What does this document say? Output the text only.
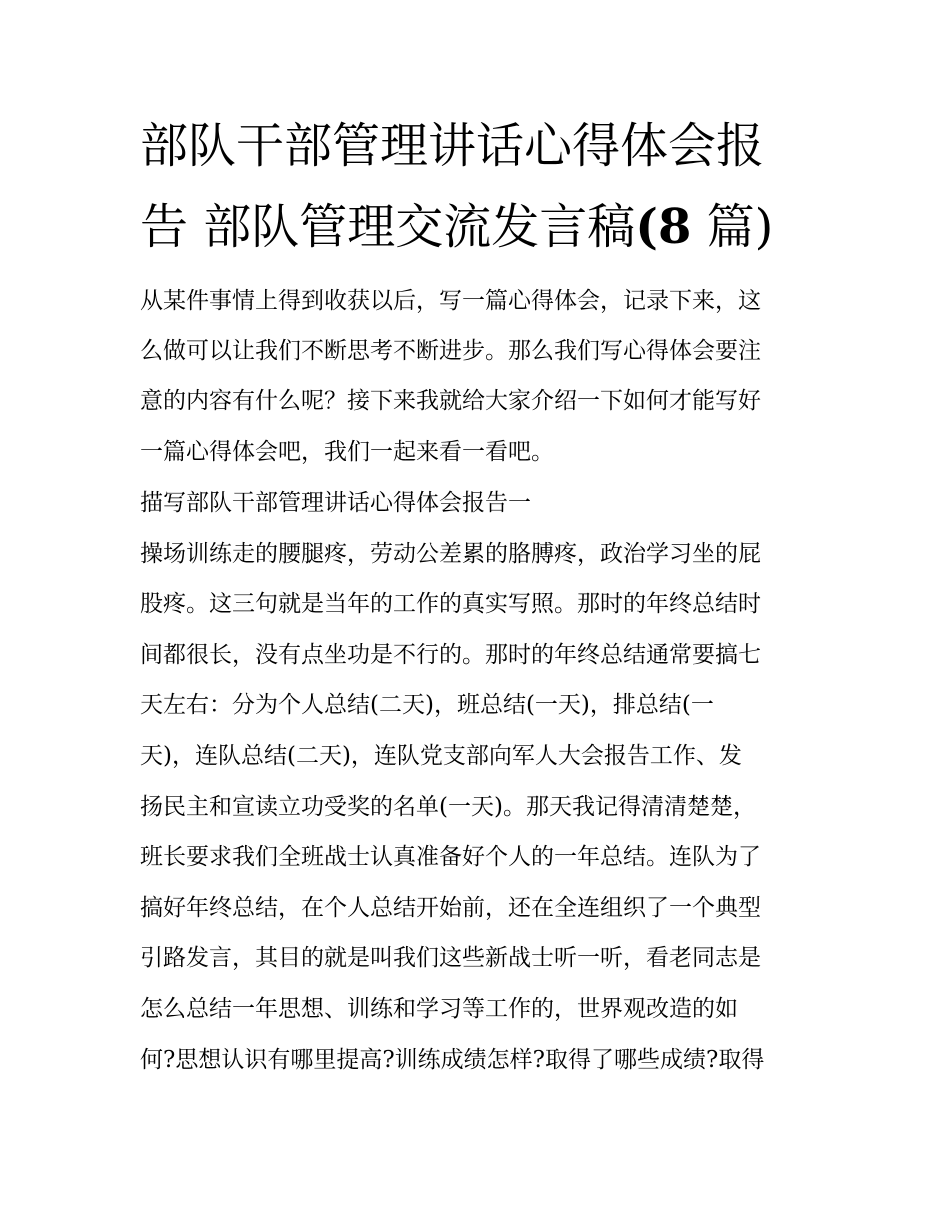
部队干部管理讲话心得体会报
告 部队管理交流发言稿(8 篇)
从某件事情上得到收获以后，写一篇心得体会，记录下来，这
么做可以让我们不断思考不断进步。那么我们写心得体会要注
意的内容有什么呢？接下来我就给大家介绍一下如何才能写好
一篇心得体会吧，我们一起来看一看吧。
描写部队干部管理讲话心得体会报告一
操场训练走的腰腿疼，劳动公差累的胳膊疼，政治学习坐的屁
股疼。这三句就是当年的工作的真实写照。那时的年终总结时
间都很长，没有点坐功是不行的。那时的年终总结通常要搞七
天左右：分为个人总结(二天)，班总结(一天)，排总结(一
天)，连队总结(二天)，连队党支部向军人大会报告工作、发
扬民主和宣读立功受奖的名单(一天)。那天我记得清清楚楚，
班长要求我们全班战士认真准备好个人的一年总结。连队为了
搞好年终总结，在个人总结开始前，还在全连组织了一个典型
引路发言，其目的就是叫我们这些新战士听一听，看老同志是
怎么总结一年思想、训练和学习等工作的，世界观改造的如
何?思想认识有哪里提高?训练成绩怎样?取得了哪些成绩?取得
